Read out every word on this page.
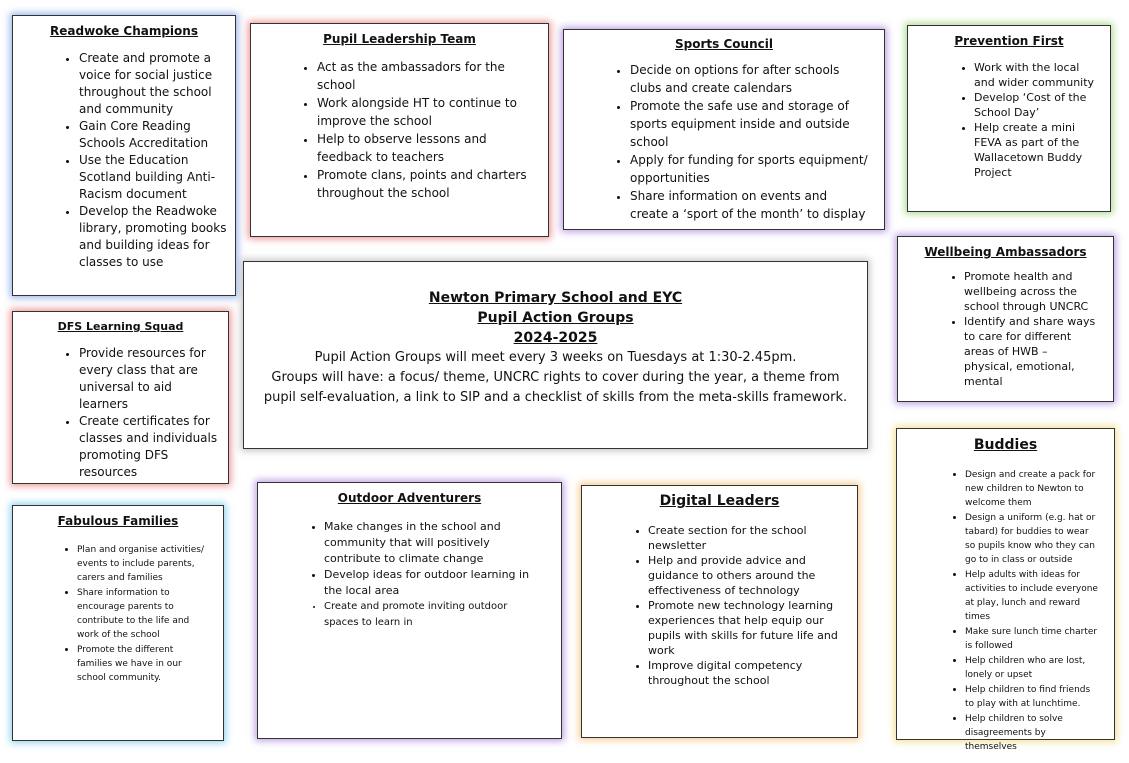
Readwoke Champions
• Create and promote a voice for social justice throughout the school and community
• Gain Core Reading Schools Accreditation
• Use the Education Scotland building Anti-Racism document
• Develop the Readwoke library, promoting books and building ideas for classes to use
DFS Learning Squad
• Provide resources for every class that are universal to aid learners
• Create certificates for classes and individuals promoting DFS resources
Fabulous Families
• Plan and organise activities/ events to include parents, carers and families
• Share information to encourage parents to contribute to the life and work of the school
• Promote the different families we have in our school community.
Pupil Leadership Team
• Act as the ambassadors for the school
• Work alongside HT to continue to improve the school
• Help to observe lessons and feedback to teachers
• Promote clans, points and charters throughout the school
Sports Council
• Decide on options for after schools clubs and create calendars
• Promote the safe use and storage of sports equipment inside and outside school
• Apply for funding for sports equipment/ opportunities
• Share information on events and create a ‘sport of the month’ to display
Prevention First
• Work with the local and wider community
• Develop ‘Cost of the School Day’
• Help create a mini FEVA as part of the Wallacetown Buddy Project
Wellbeing Ambassadors
• Promote health and wellbeing across the school through UNCRC
• Identify and share ways to care for different areas of HWB – physical, emotional, mental
Newton Primary School and EYC
Pupil Action Groups
2024-2025
Pupil Action Groups will meet every 3 weeks on Tuesdays at 1:30-2.45pm.
Groups will have: a focus/ theme, UNCRC rights to cover during the year, a theme from pupil self-evaluation, a link to SIP and a checklist of skills from the meta-skills framework.
Buddies
• Design and create a pack for new children to Newton to welcome them
• Design a uniform (e.g. hat or tabard) for buddies to wear so pupils know who they can go to in class or outside
• Help adults with ideas for activities to include everyone at play, lunch and reward times
• Make sure lunch time charter is followed
• Help children who are lost, lonely or upset
• Help children to find friends to play with at lunchtime.
• Help children to solve disagreements by themselves
Outdoor Adventurers
• Make changes in the school and community that will positively contribute to climate change
• Develop ideas for outdoor learning in the local area
• Create and promote inviting outdoor spaces to learn in
Digital Leaders
• Create section for the school newsletter
• Help and provide advice and guidance to others around the effectiveness of technology
• Promote new technology learning experiences that help equip our pupils with skills for future life and work
• Improve digital competency throughout the school
